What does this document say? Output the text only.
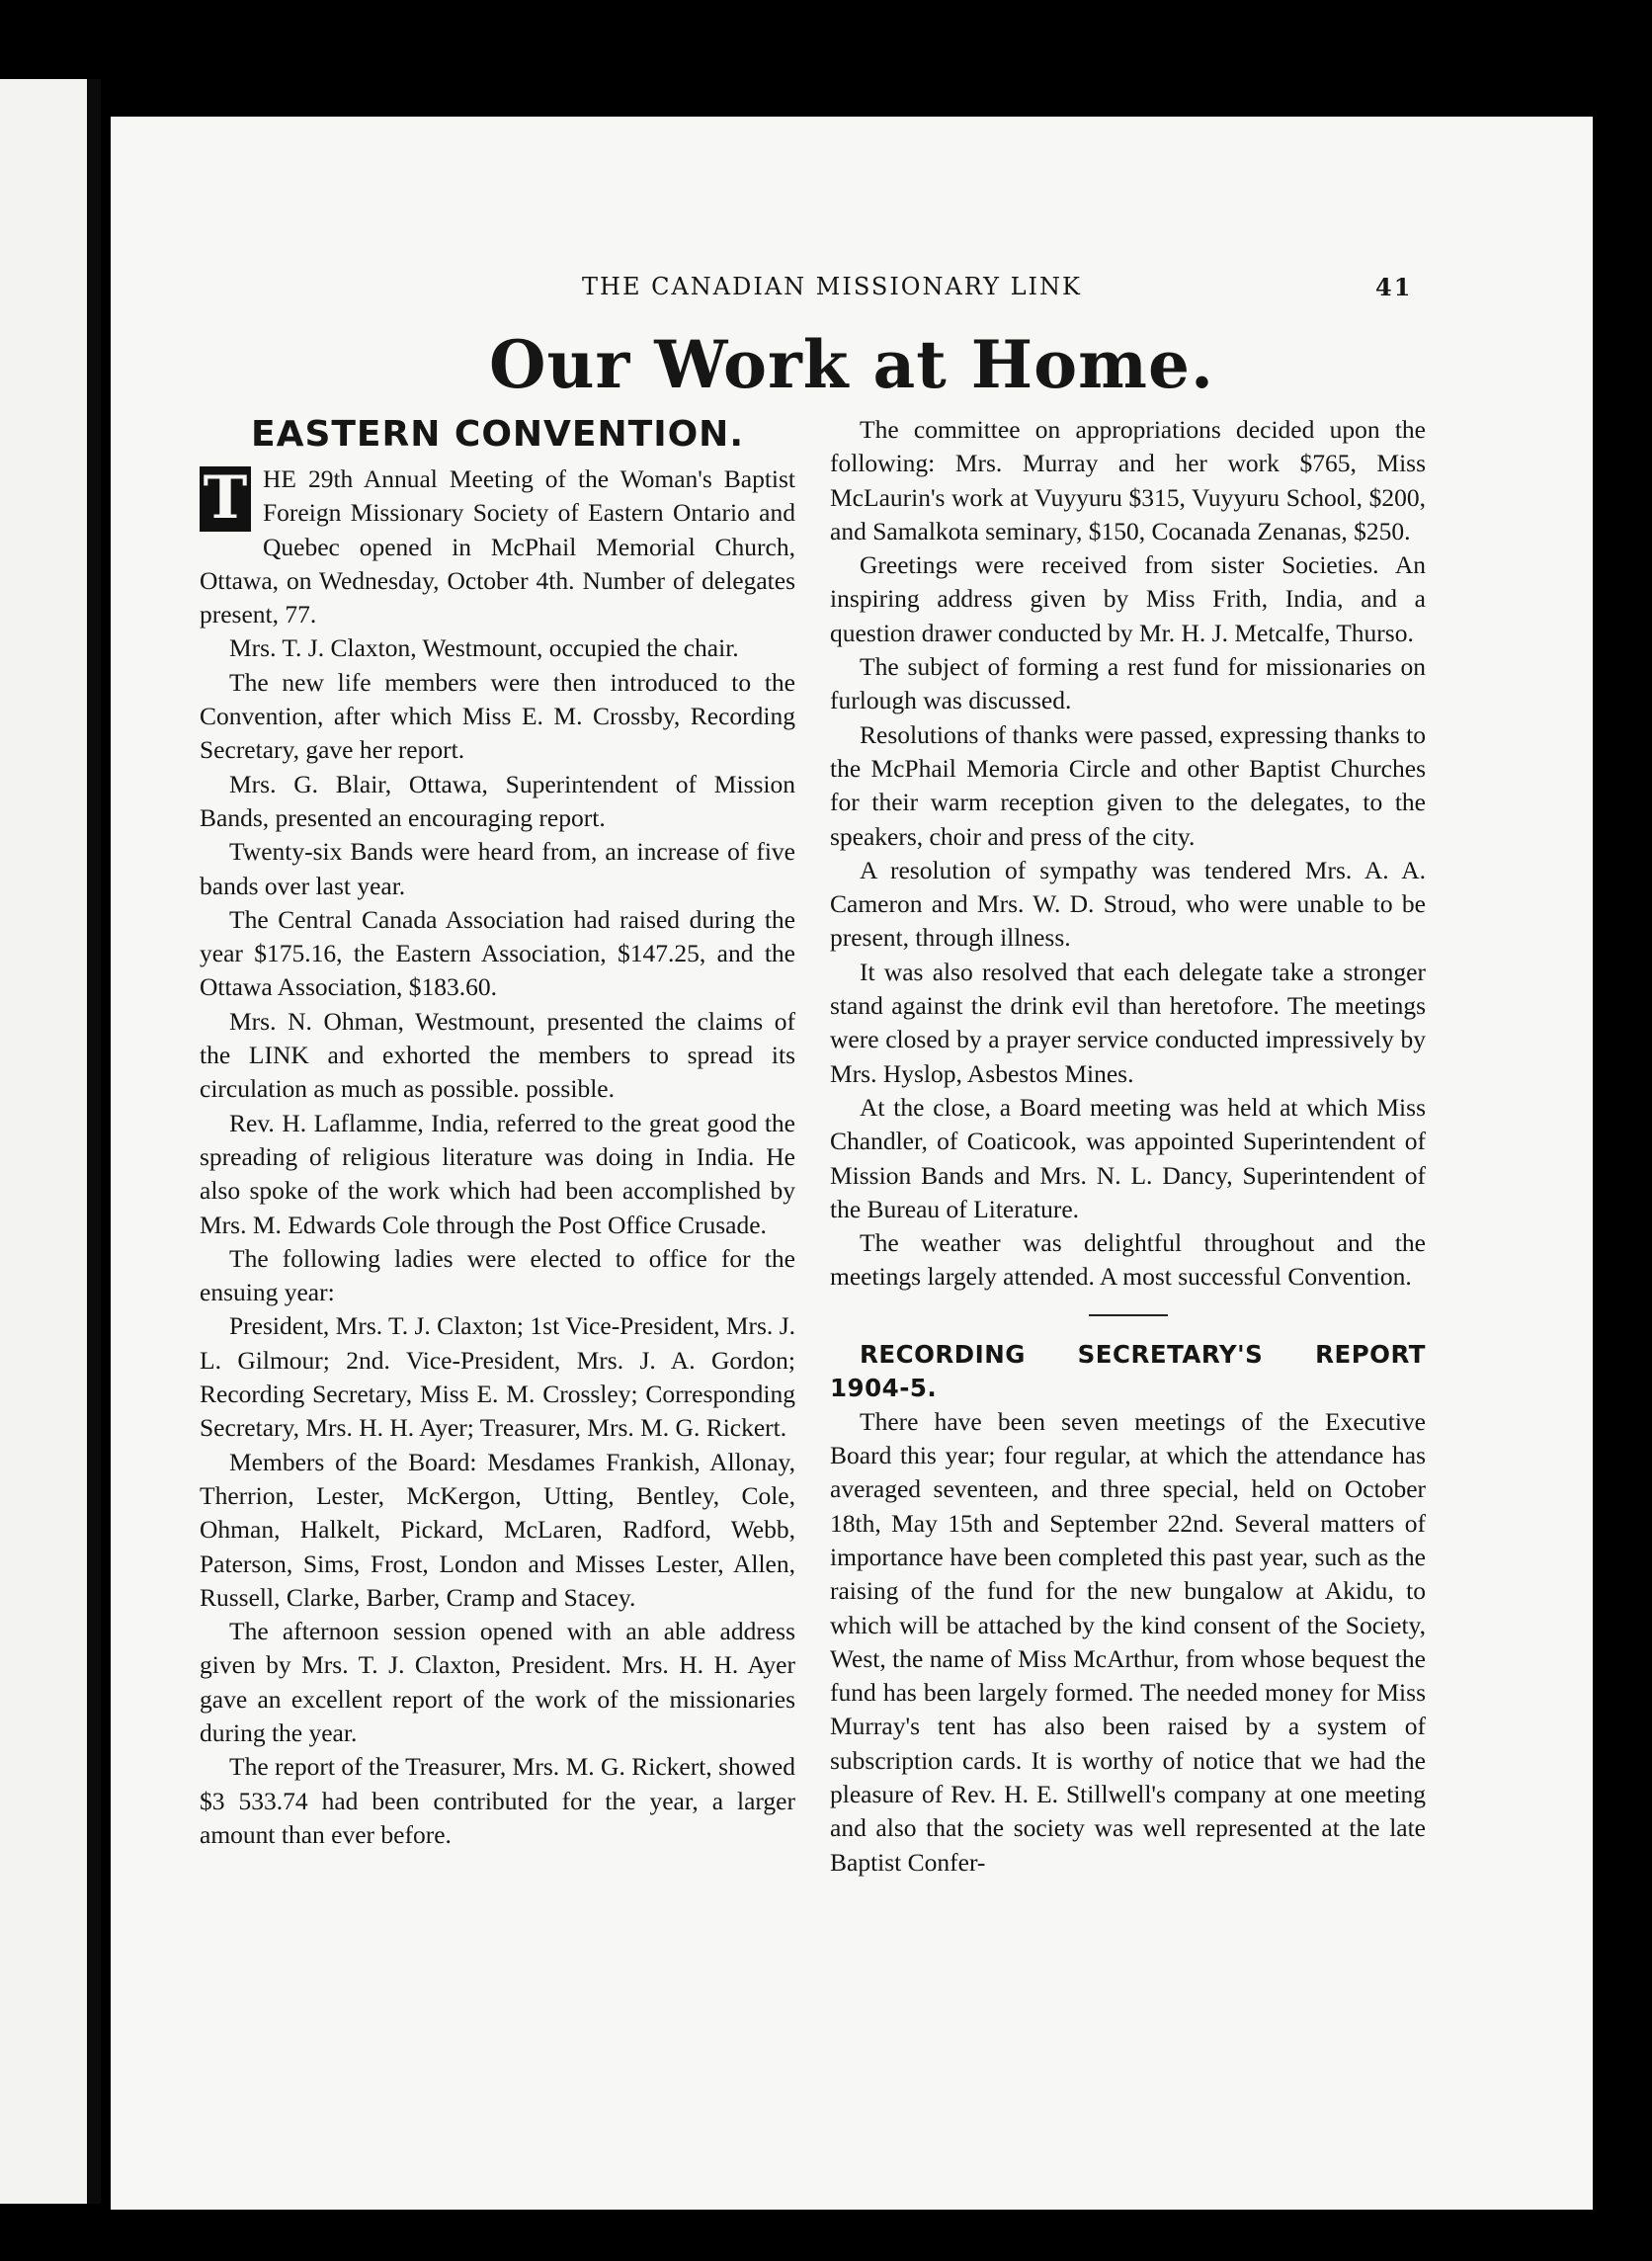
THE CANADIAN MISSIONARY LINK	41
Our Work at Home.
EASTERN CONVENTION.

T HE 29th Annual Meeting of the Woman's Baptist Foreign Missionary Society of Eastern Ontario and Quebec opened in McPhail Memorial Church, Ottawa, on Wednesday, October 4th. Number of delegates present, 77.

Mrs. T. J. Claxton, Westmount, occupied the chair.

The new life members were then introduced to the Convention, after which Miss E. M. Crossby, Recording Secretary, gave her report.

Mrs. G. Blair, Ottawa, Superintendent of Mission Bands, presented an encouraging report.

Twenty-six Bands were heard from, an increase of five bands over last year.

The Central Canada Association had raised during the year $175.16, the Eastern Association, $147.25, and the Ottawa Association, $183.60.

Mrs. N. Ohman, Westmount, presented the claims of the LINK and exhorted the members to spread its circulation as much as possible. possible.

Rev. H. Laflamme, India, referred to the great good the spreading of religious literature was doing in India. He also spoke of the work which had been accomplished by Mrs. M. Edwards Cole through the Post Office Crusade.

The following ladies were elected to office for the ensuing year:

President, Mrs. T. J. Claxton; 1st Vice-President, Mrs. J. L. Gilmour; 2nd. Vice-President, Mrs. J. A. Gordon; Recording Secretary, Miss E. M. Crossley; Corresponding Secretary, Mrs. H. H. Ayer; Treasurer, Mrs. M. G. Rickert.

Members of the Board: Mesdames Frankish, Allonay, Therrion, Lester, McKergon, Utting, Bentley, Cole, Ohman, Halkelt, Pickard, McLaren, Radford, Webb, Paterson, Sims, Frost, London and Misses Lester, Allen, Russell, Clarke, Barber, Cramp and Stacey.

The afternoon session opened with an able address given by Mrs. T. J. Claxton, President. Mrs. H. H. Ayer gave an excellent report of the work of the missionaries during the year.

The report of the Treasurer, Mrs. M. G. Rickert, showed $3 533.74 had been contributed for the year, a larger amount than ever before.

The committee on appropriations decided upon the following: Mrs. Murray and her work $765, Miss McLaurin's work at Vuyyuru $315, Vuyyuru School, $200, and Samalkota seminary, $150, Cocanada Zenanas, $250.

Greetings were received from sister Societies. An inspiring address given by Miss Frith, India, and a question drawer conducted by Mr. H. J. Metcalfe, Thurso.

The subject of forming a rest fund for missionaries on furlough was discussed.

Resolutions of thanks were passed, expressing thanks to the McPhail Memoria Circle and other Baptist Churches for their warm reception given to the delegates, to the speakers, choir and press of the city.

A resolution of sympathy was tendered Mrs. A. A. Cameron and Mrs. W. D. Stroud, who were unable to be present, through illness.

It was also resolved that each delegate take a stronger stand against the drink evil than heretofore. The meetings were closed by a prayer service conducted impressively by Mrs. Hyslop, Asbestos Mines.

At the close, a Board meeting was held at which Miss Chandler, of Coaticook, was appointed Superintendent of Mission Bands and Mrs. N. L. Dancy, Superintendent of the Bureau of Literature.

The weather was delightful throughout and the meetings largely attended. A most successful Convention.

RECORDING SECRETARY'S REPORT 1904-5.

There have been seven meetings of the Executive Board this year; four regular, at which the attendance has averaged seventeen, and three special, held on October 18th, May 15th and September 22nd. Several matters of importance have been completed this past year, such as the raising of the fund for the new bungalow at Akidu, to which will be attached by the kind consent of the Society, West, the name of Miss McArthur, from whose bequest the fund has been largely formed. The needed money for Miss Murray's tent has also been raised by a system of subscription cards. It is worthy of notice that we had the pleasure of Rev. H. E. Stillwell's company at one meeting and also that the society was well represented at the late Baptist Confer-
